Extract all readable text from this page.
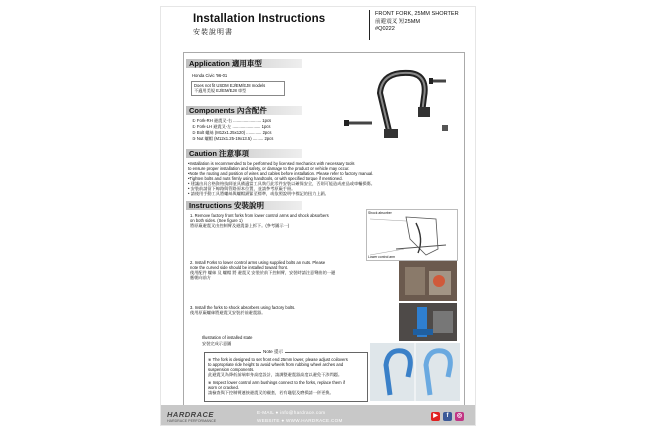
Installation Instructions
安裝說明書
FRONT FORK, 25MM SHORTER
前避震叉 短25MM
#Q0222
Application 適用車型
Honda Civic '96-01
Does not fit USDM EJ/EM/EJ8 models
不適用美規 EJ/EM/EJ8 車型
Components 內含配件
① Fork-RH 避震叉-右 ........................ 1pcs
① Fork-LH 避震叉-左 ........................ 1pcs
② Bolt 螺絲 (M12x1.25x120) ............. 2pcs
③ Nut 螺帽 (M12x1.25-19x13.5) ......... 2pcs
Caution 注意事項
•Installation is recommended to be performed by licensed mechanics with necessary tools
to ensure proper installation and safety, or damage to the product or vehicle may occur.
•Note the routing and position of wires and cables before installation. Please refer to factory manual.
•Tighten bolts and nuts firmly using handtools, or with specified torque if mentioned.
• 建議由具合格資格技師並具備適當工具執行此零件安裝以確保安全，否則可能造成產品或車輛損傷。
• 安裝前請留下線路與管路原本位置，並請參考原廠手冊。
• 請使用手動工具將螺絲與螺帽鎖緊至標準，或依照說明中標記的扭力上鎖。
Instructions 安裝說明
1. Remove factory front forks from lower control arms and shock absorbers
on both sides. (See figure 1)
將原廠避震叉由控制臂及避震器上拆下。(參考圖示一)
Shock absorber
Lower control arm
2. Install Forks to lower control arms using supplied bolts an nuts. Please
note the curved side should be installed toward front.
使用配件 螺絲 及 螺帽 將 避震叉 安裝於前下控制臂，安裝時請注意彎曲的一邊
應朝向前方
3. Install the forks to shock absorbers using factory bolts.
使用原廠螺絲將避震叉安裝於前避震器。
Illustration of installed state
安裝完成示意圖
Note 提示
※ The fork is designed to set front end 25mm lower, please adjust coilovers
to appropriate ride height to avoid wheels from rubbing wheel arches and
suspension components.
此避震叉為降低前端車身高度設計，請調整避震器高度以避免干涉問題。
※ Inspect lower control arm bushings connect to the forks, replace them if
worn or cracked.
請檢查與下控制臂連接避震叉的襯套，若有龜裂及磨損請一併更換。
HARDRACE
HARDRACE PERFORMANCE
E-MAIL ● info@hardrace.com
WEBSITE ● WWW.HARDRACE.COM
▶	f	◎
